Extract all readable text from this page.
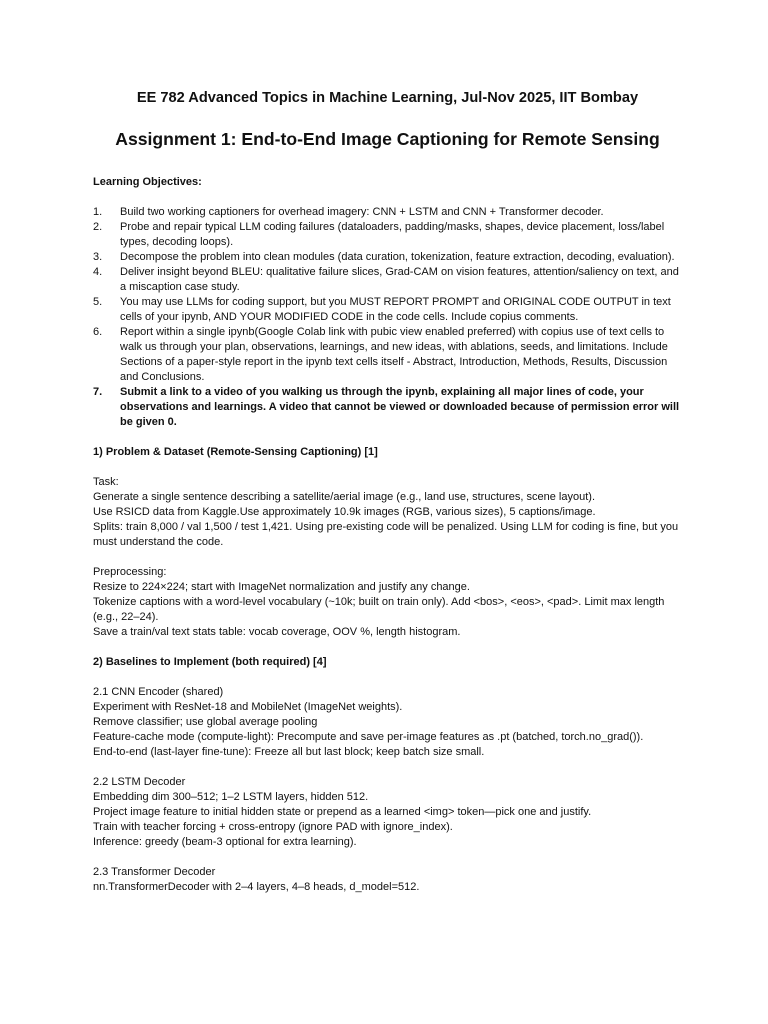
EE 782 Advanced Topics in Machine Learning, Jul-Nov 2025, IIT Bombay
Assignment 1: End-to-End Image Captioning for Remote Sensing

Learning Objectives:

1. Build two working captioners for overhead imagery: CNN + LSTM and CNN + Transformer decoder.
2. Probe and repair typical LLM coding failures (dataloaders, padding/masks, shapes, device placement, loss/label types, decoding loops).
3. Decompose the problem into clean modules (data curation, tokenization, feature extraction, decoding, evaluation).
4. Deliver insight beyond BLEU: qualitative failure slices, Grad-CAM on vision features, attention/saliency on text, and a miscaption case study.
5. You may use LLMs for coding support, but you MUST REPORT PROMPT and ORIGINAL CODE OUTPUT in text cells of your ipynb, AND YOUR MODIFIED CODE in the code cells. Include copius comments.
6. Report within a single ipynb(Google Colab link with pubic view enabled preferred) with copius use of text cells to walk us through your plan, observations, learnings, and new ideas, with ablations, seeds, and limitations. Include Sections of a paper-style report in the ipynb text cells itself - Abstract, Introduction, Methods, Results, Discussion and Conclusions.
7. Submit a link to a video of you walking us through the ipynb, explaining all major lines of code, your observations and learnings. A video that cannot be viewed or downloaded because of permission error will be given 0.

1) Problem & Dataset (Remote-Sensing Captioning) [1]

Task:

Generate a single sentence describing a satellite/aerial image (e.g., land use, structures, scene layout).

Use RSICD data from Kaggle.Use approximately 10.9k images (RGB, various sizes), 5 captions/image.

Splits: train 8,000 / val 1,500 / test 1,421. Using pre-existing code will be penalized. Using LLM for coding is fine, but you must understand the code.

Preprocessing:

Resize to 224×224; start with ImageNet normalization and justify any change.

Tokenize captions with a word-level vocabulary (~10k; built on train only). Add <bos>, <eos>, <pad>. Limit max length (e.g., 22–24).

Save a train/val text stats table: vocab coverage, OOV %, length histogram.

2) Baselines to Implement (both required) [4]

2.1 CNN Encoder (shared)

Experiment with ResNet-18 and MobileNet (ImageNet weights).

Remove classifier; use global average pooling

Feature-cache mode (compute-light): Precompute and save per-image features as .pt (batched, torch.no_grad()).

End-to-end (last-layer fine-tune): Freeze all but last block; keep batch size small.

2.2 LSTM Decoder

Embedding dim 300–512; 1–2 LSTM layers, hidden 512.

Project image feature to initial hidden state or prepend as a learned <img> token—pick one and justify.

Train with teacher forcing + cross-entropy (ignore PAD with ignore_index).

Inference: greedy (beam-3 optional for extra learning).

2.3 Transformer Decoder

nn.TransformerDecoder with 2–4 layers, 4–8 heads, d_model=512.
